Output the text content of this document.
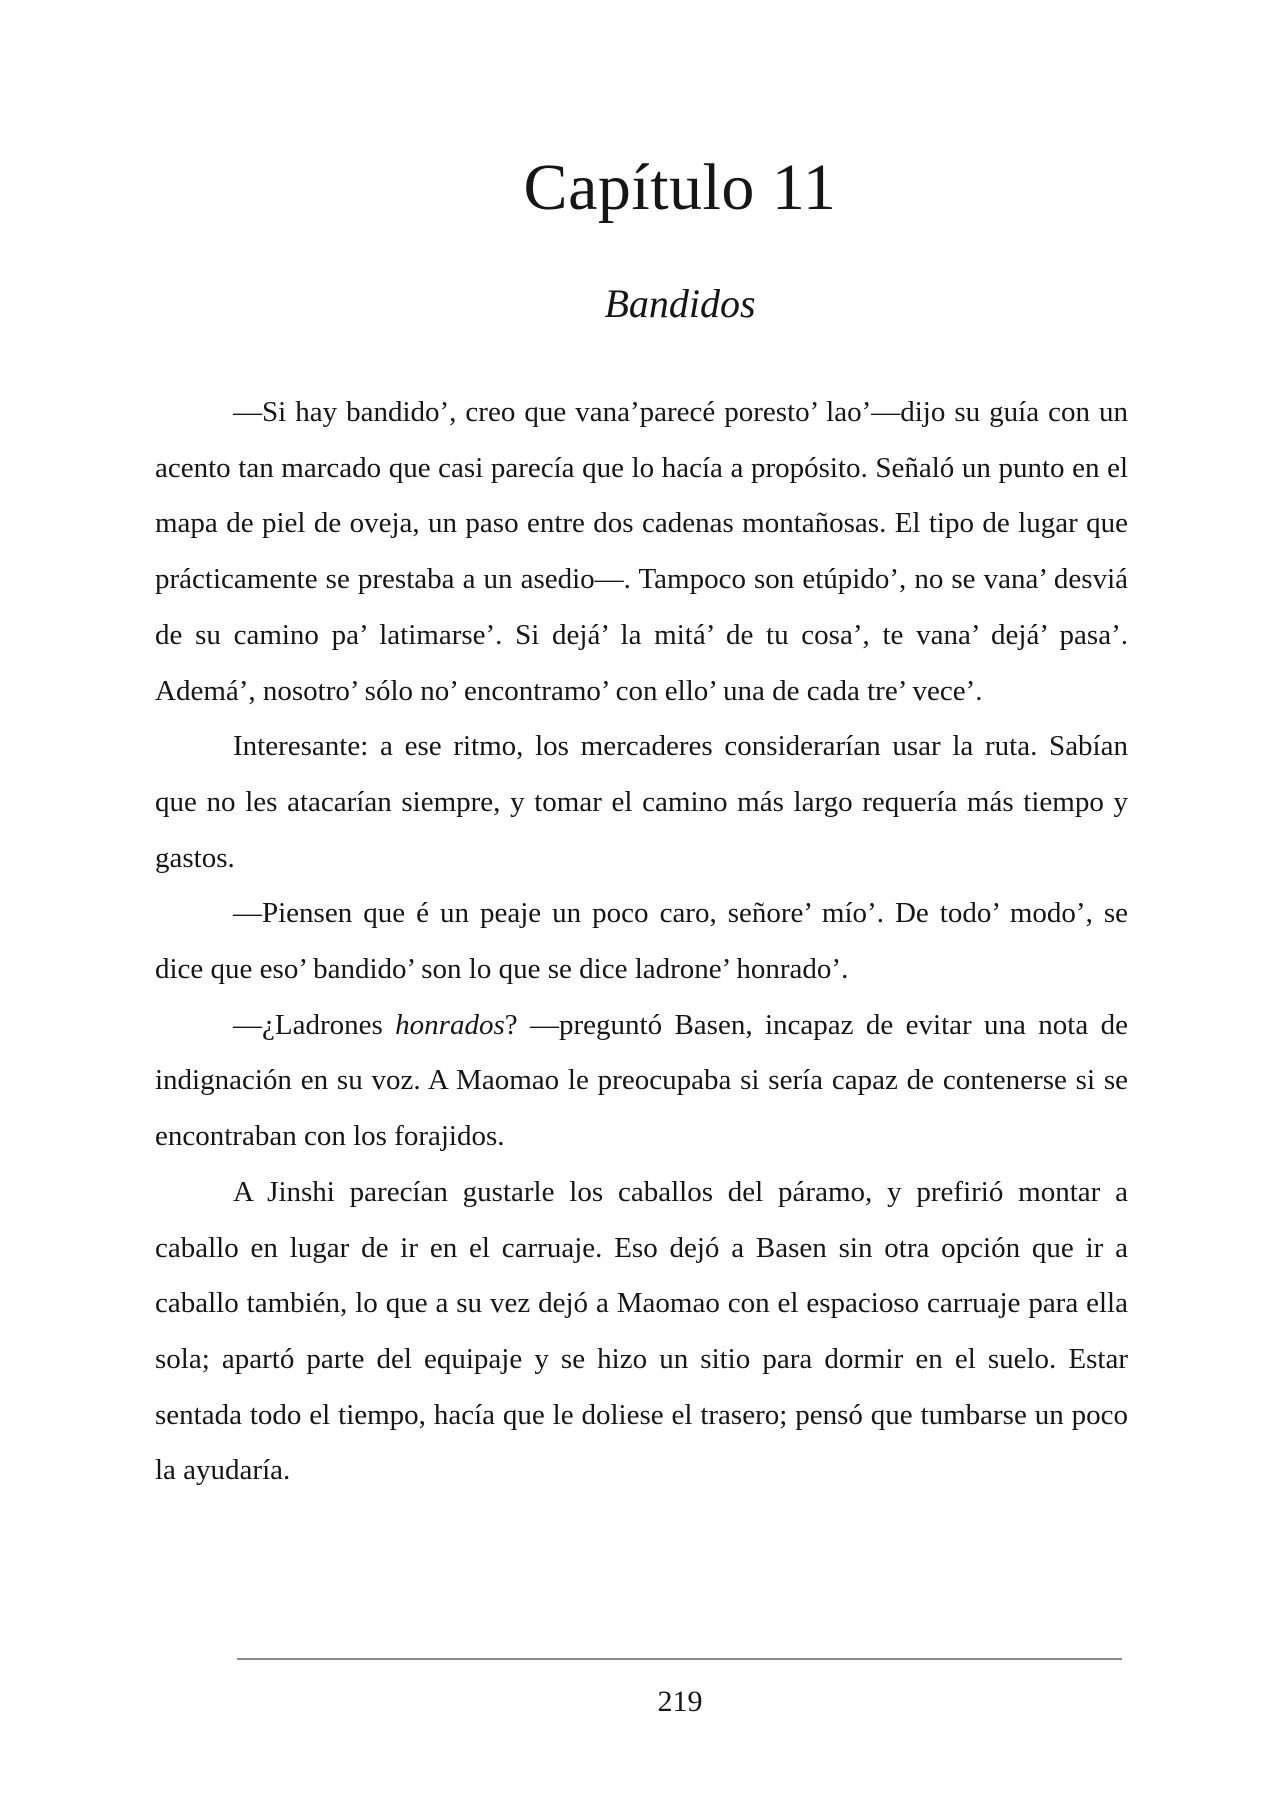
Capítulo 11
Bandidos

—Si hay bandido’, creo que vana’parecé poresto’ lao’—dijo su guía con un acento tan marcado que casi parecía que lo hacía a propósito. Señaló un punto en el mapa de piel de oveja, un paso entre dos cadenas montañosas. El tipo de lugar que prácticamente se prestaba a un asedio—. Tampoco son etúpido’, no se vana’ desviá de su camino pa’ latimarse’. Si dejá’ la mitá’ de tu cosa’, te vana’ dejá’ pasa’. Ademá’, nosotro’ sólo no’ encontramo’ con ello’ una de cada tre’ vece’.

Interesante: a ese ritmo, los mercaderes considerarían usar la ruta. Sabían que no les atacarían siempre, y tomar el camino más largo requería más tiempo y gastos.

—Piensen que é un peaje un poco caro, señore’ mío’. De todo’ modo’, se dice que eso’ bandido’ son lo que se dice ladrone’ honrado’.

—¿Ladrones honrados? —preguntó Basen, incapaz de evitar una nota de indignación en su voz. A Maomao le preocupaba si sería capaz de contenerse si se encontraban con los forajidos.

A Jinshi parecían gustarle los caballos del páramo, y prefirió montar a caballo en lugar de ir en el carruaje. Eso dejó a Basen sin otra opción que ir a caballo también, lo que a su vez dejó a Maomao con el espacioso carruaje para ella sola; apartó parte del equipaje y se hizo un sitio para dormir en el suelo. Estar sentada todo el tiempo, hacía que le doliese el trasero; pensó que tumbarse un poco la ayudaría.

219
